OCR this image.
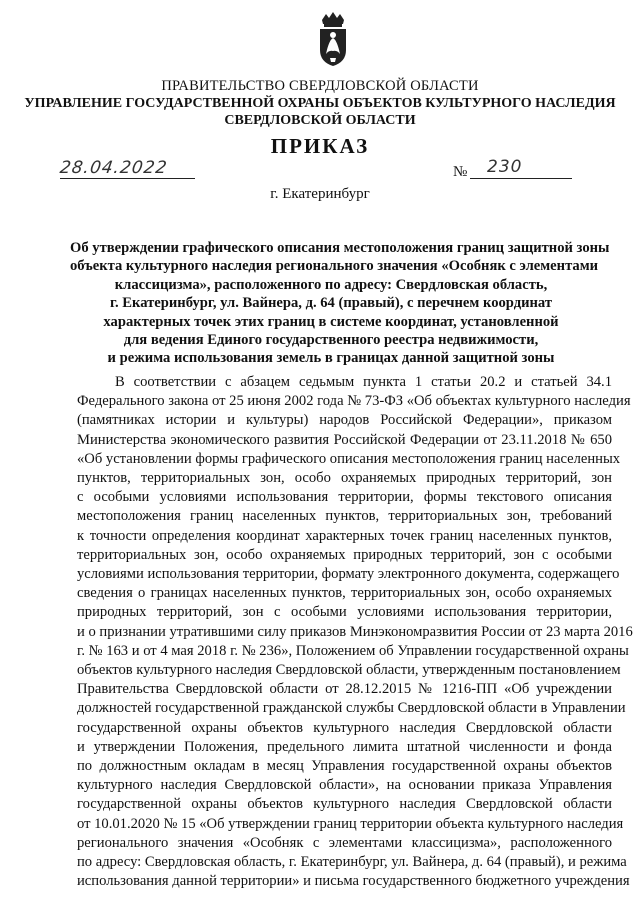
ПРАВИТЕЛЬСТВО СВЕРДЛОВСКОЙ ОБЛАСТИ
УПРАВЛЕНИЕ ГОСУДАРСТВЕННОЙ ОХРАНЫ ОБЪЕКТОВ КУЛЬТУРНОГО НАСЛЕДИЯ
СВЕРДЛОВСКОЙ ОБЛАСТИ
ПРИКАЗ
28.04.2022	№ 230
г. Екатеринбург
Об утверждении графического описания местоположения границ защитной зоны
объекта культурного наследия регионального значения «Особняк с элементами
классицизма», расположенного по адресу: Свердловская область,
г. Екатеринбург, ул. Вайнера, д. 64 (правый), с перечнем координат
характерных точек этих границ в системе координат, установленной
для ведения Единого государственного реестра недвижимости,
и режима использования земель в границах данной защитной зоны
В соответствии с абзацем седьмым пункта 1 статьи 20.2 и статьей 34.1
Федерального закона от 25 июня 2002 года № 73-ФЗ «Об объектах культурного наследия
(памятниках истории и культуры) народов Российской Федерации», приказом
Министерства экономического развития Российской Федерации от 23.11.2018 № 650
«Об установлении формы графического описания местоположения границ населенных
пунктов, территориальных зон, особо охраняемых природных территорий, зон
с особыми условиями использования территории, формы текстового описания
местоположения границ населенных пунктов, территориальных зон, требований
к точности определения координат характерных точек границ населенных пунктов,
территориальных зон, особо охраняемых природных территорий, зон с особыми
условиями использования территории, формату электронного документа, содержащего
сведения о границах населенных пунктов, территориальных зон, особо охраняемых
природных территорий, зон с особыми условиями использования территории,
и о признании утратившими силу приказов Минэкономразвития России от 23 марта 2016
г. № 163 и от 4 мая 2018 г. № 236», Положением об Управлении государственной охраны
объектов культурного наследия Свердловской области, утвержденным постановлением
Правительства Свердловской области от 28.12.2015 № 1216-ПП «Об учреждении
должностей государственной гражданской службы Свердловской области в Управлении
государственной охраны объектов культурного наследия Свердловской области
и утверждении Положения, предельного лимита штатной численности и фонда
по должностным окладам в месяц Управления государственной охраны объектов
культурного наследия Свердловской области», на основании приказа Управления
государственной охраны объектов культурного наследия Свердловской области
от 10.01.2020 № 15 «Об утверждении границ территории объекта культурного наследия
регионального значения «Особняк с элементами классицизма», расположенного
по адресу: Свердловская область, г. Екатеринбург, ул. Вайнера, д. 64 (правый), и режима
использования данной территории» и письма государственного бюджетного учреждения
